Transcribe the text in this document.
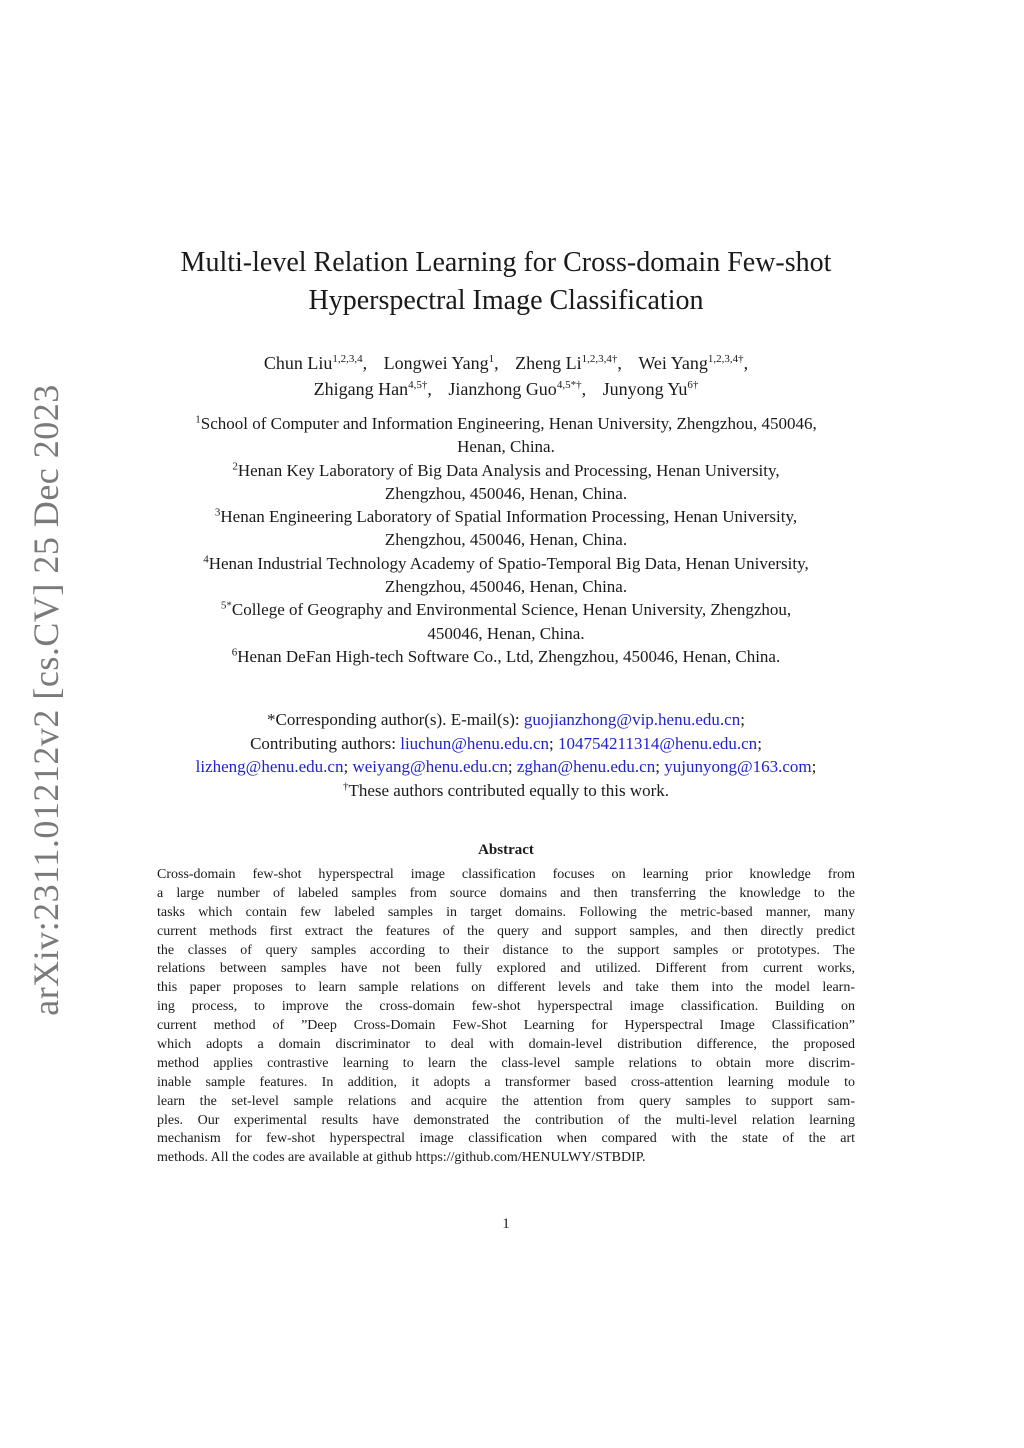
arXiv:2311.01212v2 [cs.CV] 25 Dec 2023
Multi-level Relation Learning for Cross-domain Few-shot
Hyperspectral Image Classification
Chun Liu$^{1,2,3,4}$, Longwei Yang$^1$, Zheng $Li^{1,2,3,4\dagger}$, Wei Yang$^{1,2,3,4\dagger}$,
Zhigang Han$^{4,5\dagger}$, Jianzhong Guo$^{4,5*\dagger}$, Junyong $Yu^{6\dagger}$
$^1$School of Computer and Information Engineering, Henan University, Zhengzhou, 450046,
Henan, China.
$^2$Henan Key Laboratory of Big Data Analysis and Processing, Henan University,
Zhengzhou, 450046, Henan, China.
$^3$Henan Engineering Laboratory of Spatial Information Processing, Henan University,
Zhengzhou, 450046, Henan, China.
$^4$Henan Industrial Technology Academy of Spatio-Temporal Big Data, Henan University,
Zhengzhou, 450046, Henan, China.
$^{5*}$College of Geography and Environmental Science, Henan University, Zhengzhou,
450046, Henan, China.
$^6$Henan DeFan High-tech Software Co., Ltd, Zhengzhou, 450046, Henan, China.
*Corresponding author(s). E-mail(s): guojianzhong@vip.henu.edu.cn;
Contributing authors: liuchun@henu.edu.cn; 104754211314@henu.edu.cn;
lizheng@henu.edu.cn; weiyang@henu.edu.cn; zghan@henu.edu.cn; yujunyong@163.com;
†These authors contributed equally to this work.
Abstract
Cross-domain few-shot hyperspectral image classification focuses on learning prior knowledge from
a large number of labeled samples from source domains and then transferring the knowledge to the
tasks which contain few labeled samples in target domains. Following the metric-based manner, many
current methods first extract the features of the query and support samples, and then directly predict
the classes of query samples according to their distance to the support samples or prototypes. The
relations between samples have not been fully explored and utilized. Different from current works,
this paper proposes to learn sample relations on different levels and take them into the model learn-
ing process, to improve the cross-domain few-shot hyperspectral image classification. Building on
current method of ”Deep Cross-Domain Few-Shot Learning for Hyperspectral Image Classification”
which adopts a domain discriminator to deal with domain-level distribution difference, the proposed
method applies contrastive learning to learn the class-level sample relations to obtain more discrim-
inable sample features. In addition, it adopts a transformer based cross-attention learning module to
learn the set-level sample relations and acquire the attention from query samples to support sam-
ples. Our experimental results have demonstrated the contribution of the multi-level relation learning
mechanism for few-shot hyperspectral image classification when compared with the state of the art
methods. All the codes are available at github https://github.com/HENULWY/STBDIP.
1
